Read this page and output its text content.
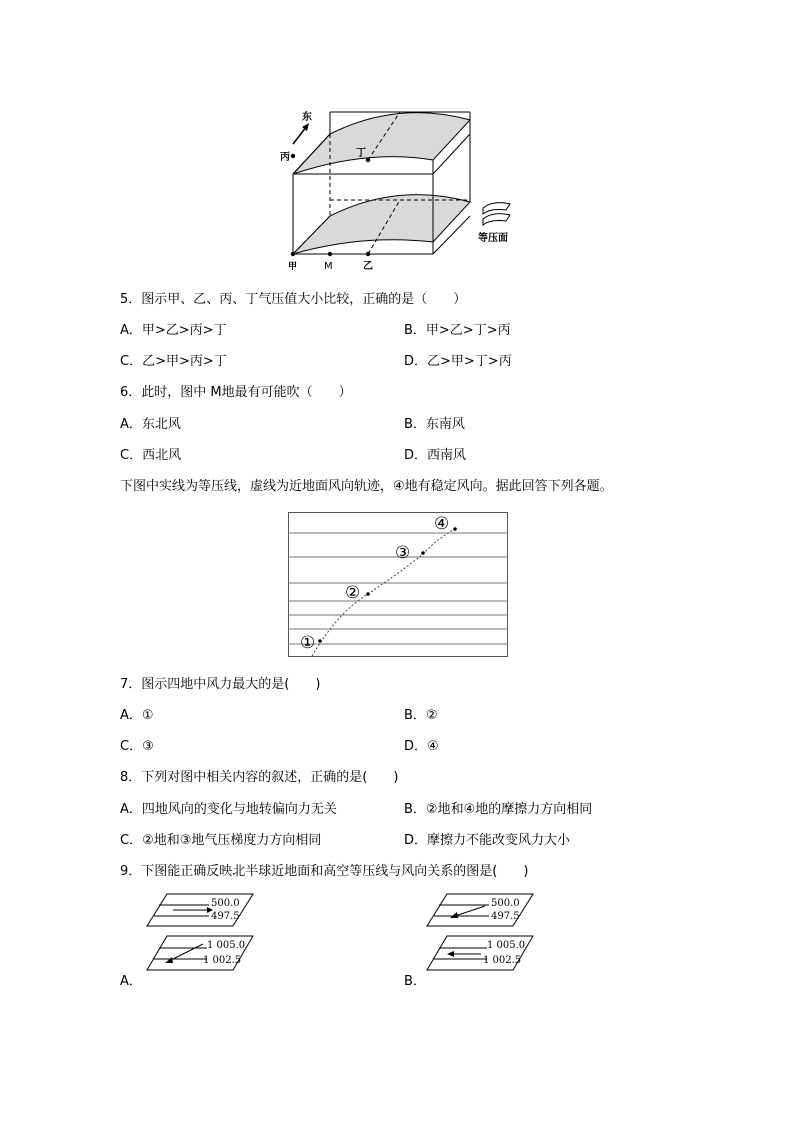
东
丙	丁
甲	M	乙
等压面
5．图示甲、乙、丙、丁气压值大小比较，正确的是（　　）
A．甲>乙>丙>丁	B．甲>乙>丁>丙
C．乙>甲>丙>丁	D．乙>甲>丁>丙
6．此时，图中 M地最有可能吹（　　）
A．东北风	B．东南风
C．西北风	D．西南风
下图中实线为等压线，虚线为近地面风向轨迹，④地有稳定风向。据此回答下列各题。
①
②
③
④
7．图示四地中风力最大的是(　　)
A．①	B．②
C．③	D．④
8．下列对图中相关内容的叙述，正确的是(　　)
A．四地风向的变化与地转偏向力无关	B．②地和④地的摩擦力方向相同
C．②地和③地气压梯度力方向相同	D．摩擦力不能改变风力大小
9．下图能正确反映北半球近地面和高空等压线与风向关系的图是(　　)
500.0
497.5
1 005.0
1 002.5
A．
500.0
497.5
1 005.0
1 002.5
B．
